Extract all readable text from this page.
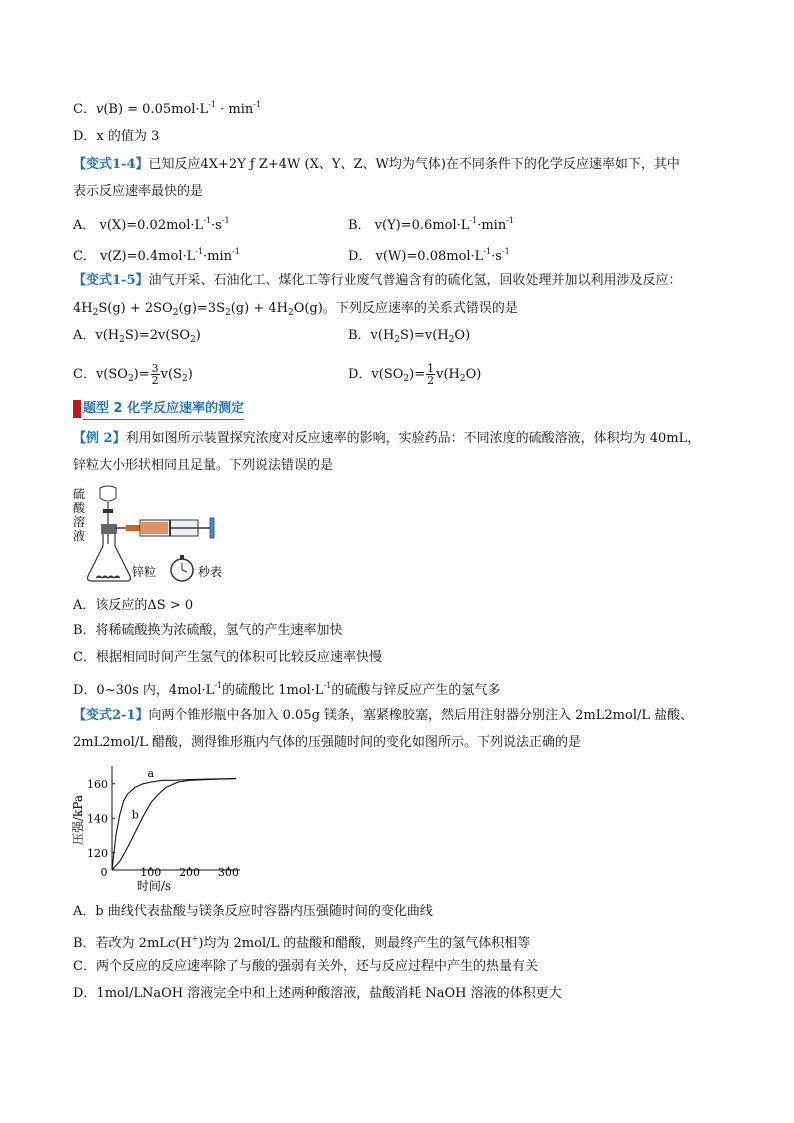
C．$v(B) = 0.05mol\cdot L^{-1} \cdot \min^{-1}$
D．x 的值为 3
【变式1-4】已知反应4X+2Y ƒ Z+4W (X、Y、Z、W均为气体)在不同条件下的化学反应速率如下，其中
表示反应速率最快的是
A． $v(X)=0.02mol\cdot L^{-1}\cdot s^{-1}$	B． $v(Y)=0.6mol\cdot L^{-1}\cdot\min^{-1}$
C． $v(Z)=0.4mol\cdot L^{-1}\cdot\min^{-1}$	D． $v(W)=0.08mol\cdot L^{-1}\cdot s^{-1}$
【变式1-5】油气开采、石油化工、煤化工等行业废气普遍含有的硫化氢，回收处理并加以利用涉及反应：
$4H_2S(g) + 2SO_2(g)=3S_2(g) + 4H_2O(g)$。下列反应速率的关系式错误的是
A．$v(H_2S)=2v(SO_2)$	B．$v(H_2S)=v(H_2O)$
C．$v(SO_2)= \frac{3}{2} v(S_2)$	D．$v(SO_2)= \frac{1}{2} v(H_2O)$
题型 2 化学反应速率的测定
【例 2】利用如图所示装置探究浓度对反应速率的影响，实验药品：不同浓度的硫酸溶液，体积均为 40mL，
锌粒大小形状相同且足量。下列说法错误的是
硫
酸
溶
液
锌粒	秒表
A．该反应的ΔS > 0
B．将稀硫酸换为浓硫酸，氢气的产生速率加快
C．根据相同时间产生氢气的体积可比较反应速率快慢
D．0~30s 内，$4mol\cdot L^{-1}$的硫酸比 $1mol\cdot L^{-1}$的硫酸与锌反应产生的氢气多
【变式2-1】向两个锥形瓶中各加入 0.05g 镁条，塞紧橡胶塞，然后用注射器分别注入 2mL2mol/L 盐酸、
2mL2mol/L 醋酸，测得锥形瓶内气体的压强随时间的变化如图所示。下列说法正确的是
a
b
0	100 200 300
120
140
160
时间/s
压强/kPa
A．b 曲线代表盐酸与镁条反应时容器内压强随时间的变化曲线
B．若改为 2mLc(H+)均为 2mol/L 的盐酸和醋酸，则最终产生的氢气体积相等
C．两个反应的反应速率除了与酸的强弱有关外，还与反应过程中产生的热量有关
D．1mol/LNaOH 溶液完全中和上述两种酸溶液，盐酸消耗 NaOH 溶液的体积更大
